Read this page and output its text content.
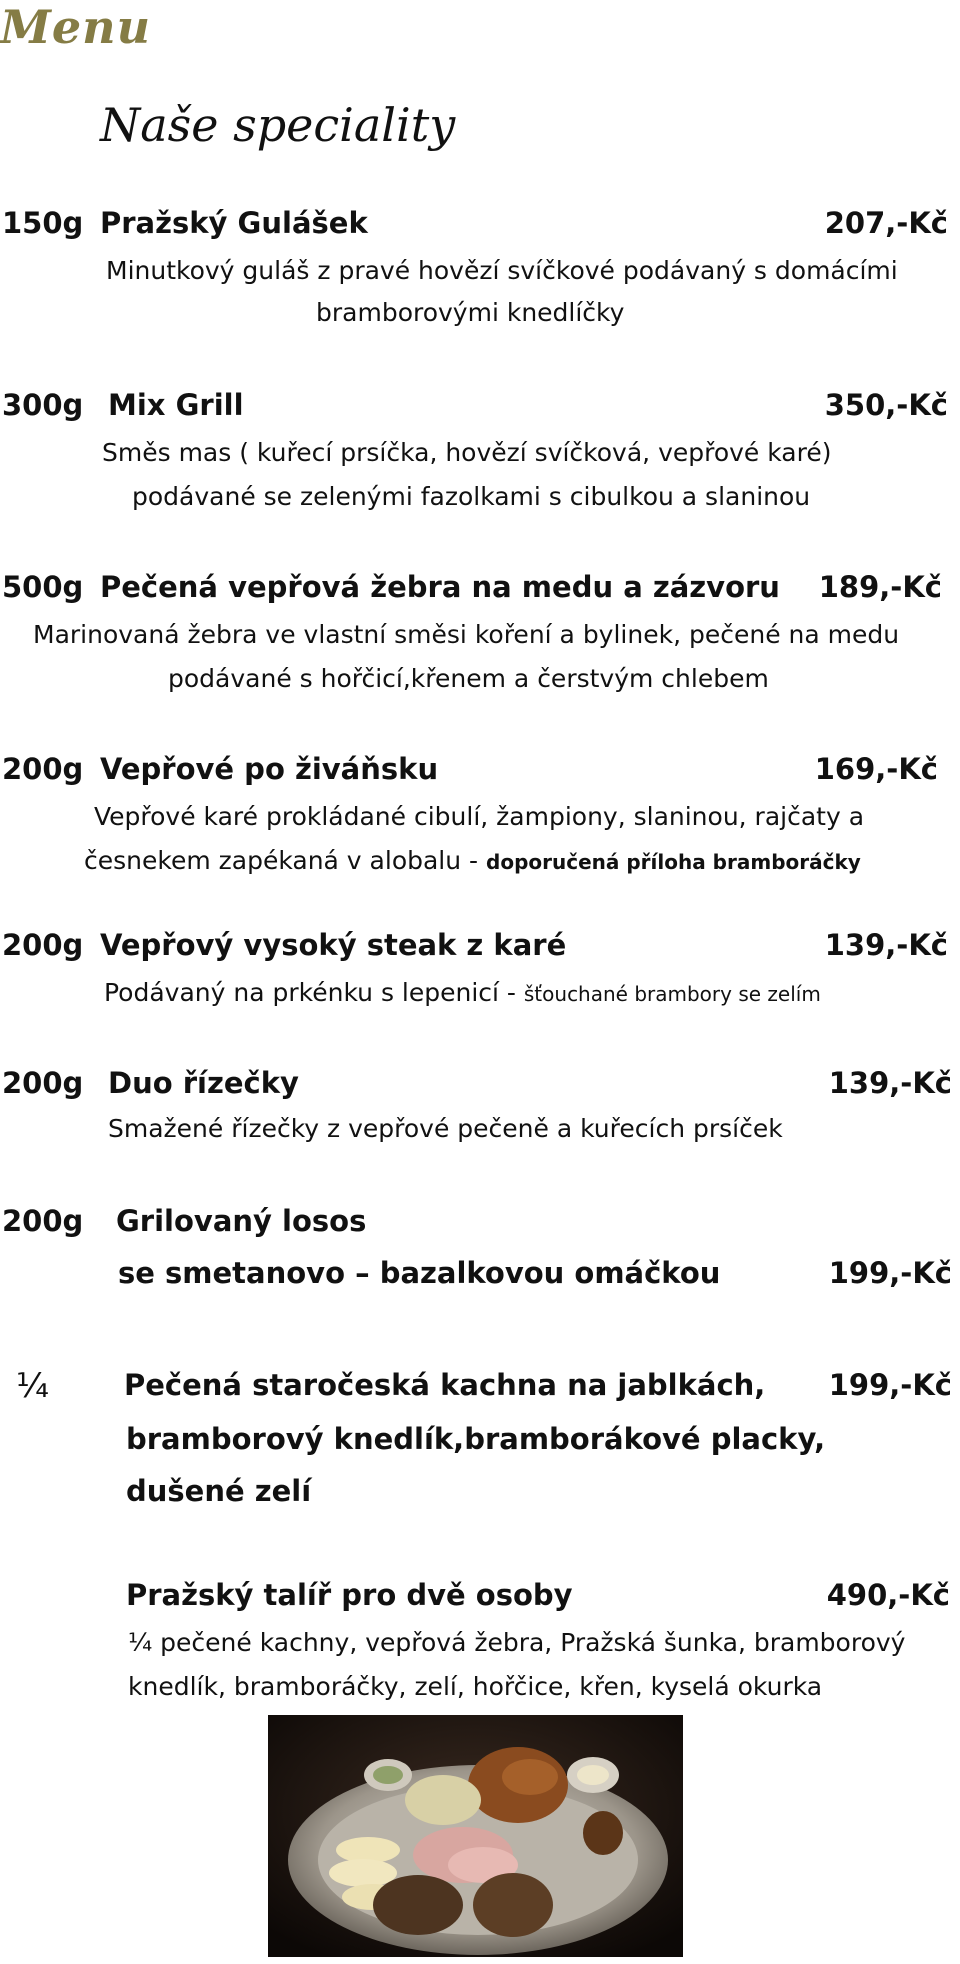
Menu
Naše speciality
150g Pražský Gulášek	207,-Kč
Minutkový guláš z pravé hovězí svíčkové podávaný s domácími
bramborovými knedlíčky
300g Mix Grill	350,-Kč
Směs mas ( kuřecí prsíčka, hovězí svíčková, vepřové karé)
podávané se zelenými fazolkami s cibulkou a slaninou
500g Pečená vepřová žebra na medu a zázvoru 189,-Kč
Marinovaná žebra ve vlastní směsi koření a bylinek, pečené na medu
podávané s hořčicí,křenem a čerstvým chlebem
200g Vepřové po živáňsku	169,-Kč
Vepřové karé prokládané cibulí, žampiony, slaninou, rajčaty a
česnekem zapékaná v alobalu - doporučená příloha bramboráčky
200g Vepřový vysoký steak z karé	139,-Kč
Podávaný na prkénku s lepenicí - šťouchané brambory se zelím
200g Duo řízečky	139,-Kč
Smažené řízečky z vepřové pečeně a kuřecích prsíček
200g Grilovaný losos
se smetanovo – bazalkovou omáčkou	199,-Kč
¼	Pečená staročeská kachna na jablkách, 199,-Kč
bramborový knedlík,bramborákové placky,
dušené zelí
Pražský talíř pro dvě osoby	490,-Kč
¼ pečené kachny, vepřová žebra, Pražská šunka, bramborový
knedlík, bramboráčky, zelí, hořčice, křen, kyselá okurka
